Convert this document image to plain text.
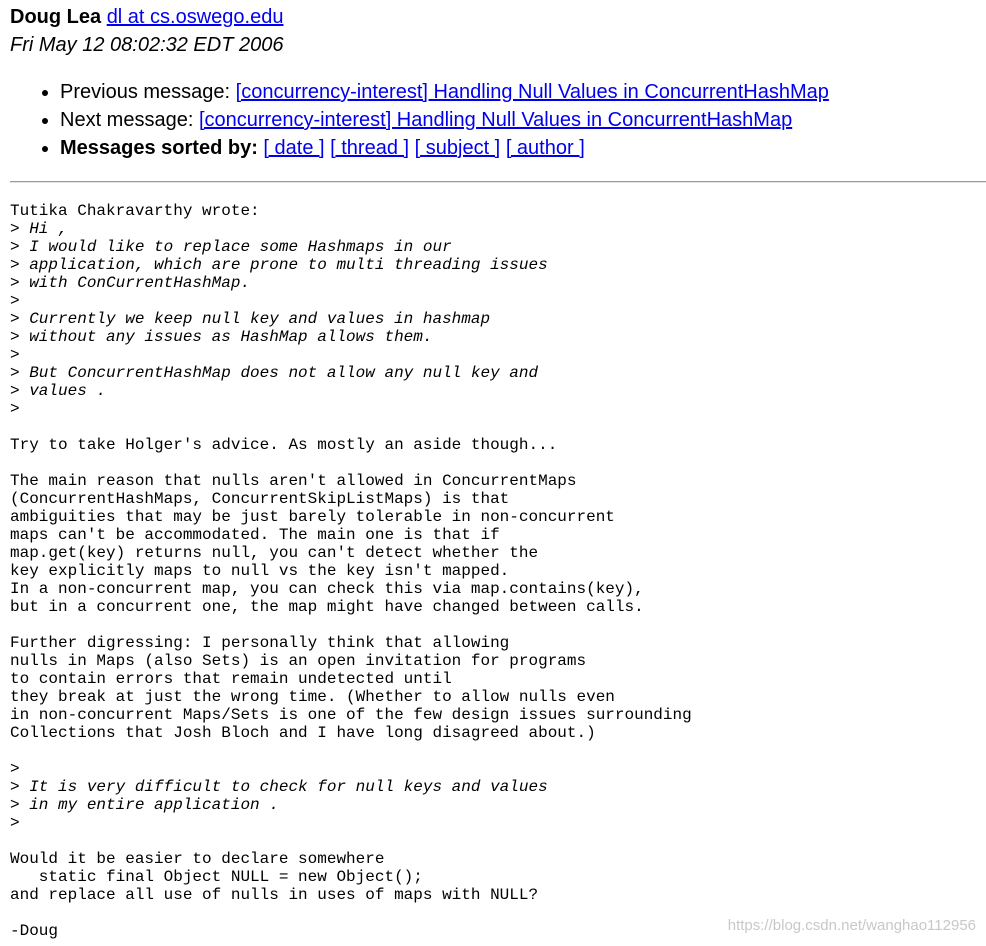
Doug Lea dl at cs.oswego.edu
Fri May 12 08:02:32 EDT 2006
• Previous message: [concurrency-interest] Handling Null Values in ConcurrentHashMap
• Next message: [concurrency-interest] Handling Null Values in ConcurrentHashMap
• Messages sorted by: [ date ] [ thread ] [ subject ] [ author ]
Tutika Chakravarthy wrote:
> Hi ,
> I would like to replace some Hashmaps in our
> application, which are prone to multi threading issues
> with ConCurrentHashMap.
>
> Currently we keep null key and values in hashmap
> without any issues as HashMap allows them.
>
> But ConcurrentHashMap does not allow any null key and
> values .
>
Try to take Holger's advice. As mostly an aside though...
The main reason that nulls aren't allowed in ConcurrentMaps
(ConcurrentHashMaps, ConcurrentSkipListMaps) is that
ambiguities that may be just barely tolerable in non-concurrent
maps can't be accommodated. The main one is that if
map.get(key) returns null, you can't detect whether the
key explicitly maps to null vs the key isn't mapped.
In a non-concurrent map, you can check this via map.contains(key),
but in a concurrent one, the map might have changed between calls.
Further digressing: I personally think that allowing
nulls in Maps (also Sets) is an open invitation for programs
to contain errors that remain undetected until
they break at just the wrong time. (Whether to allow nulls even
in non-concurrent Maps/Sets is one of the few design issues surrounding
Collections that Josh Bloch and I have long disagreed about.)
>
> It is very difficult to check for null keys and values
> in my entire application .
>
Would it be easier to declare somewhere
static final Object NULL = new Object();
and replace all use of nulls in uses of maps with NULL?
-Doug	https://blog.csdn.net/wanghao112956
